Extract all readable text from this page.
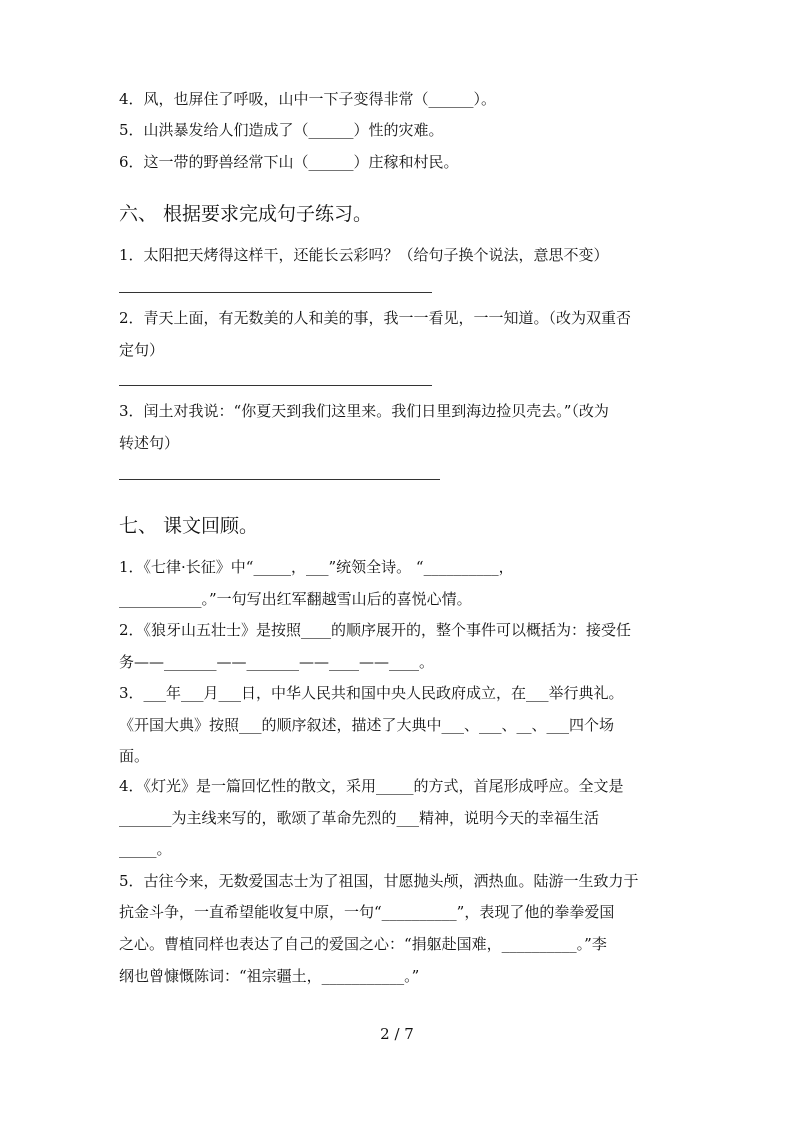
4．风，也屏住了呼吸，山中一下子变得非常（______）。
5．山洪暴发给人们造成了（______）性的灾难。
6．这一带的野兽经常下山（______）庄稼和村民。
六、 根据要求完成句子练习。
1．太阳把天烤得这样干，还能长云彩吗？（给句子换个说法，意思不变）
2．青天上面，有无数美的人和美的事，我一一看见，一一知道。（改为双重否
定句）
3．闰土对我说：“你夏天到我们这里来。我们日里到海边捡贝壳去。”（改为
转述句）
七、 课文回顾。
1．《七律·长征》中“_____，___”统领全诗。 “__________，
___________。”一句写出红军翻越雪山后的喜悦心情。
2．《狼牙山五壮士》是按照____的顺序展开的，整个事件可以概括为：接受任
务——_______——_______——____——____。
3．___年___月___日，中华人民共和国中央人民政府成立，在___举行典礼。
《开国大典》按照___的顺序叙述，描述了大典中___、___、__、___四个场
面。
4．《灯光》是一篇回忆性的散文，采用_____的方式，首尾形成呼应。全文是
_______为主线来写的，歌颂了革命先烈的___精神，说明今天的幸福生活
_____。
5．古往今来，无数爱国志士为了祖国，甘愿抛头颅，洒热血。陆游一生致力于
抗金斗争，一直希望能收复中原，一句“__________”，表现了他的拳拳爱国
之心。曹植同样也表达了自己的爱国之心：“捐躯赴国难，__________。”李
纲也曾慷慨陈词：“祖宗疆土，___________。”
2 / 7
